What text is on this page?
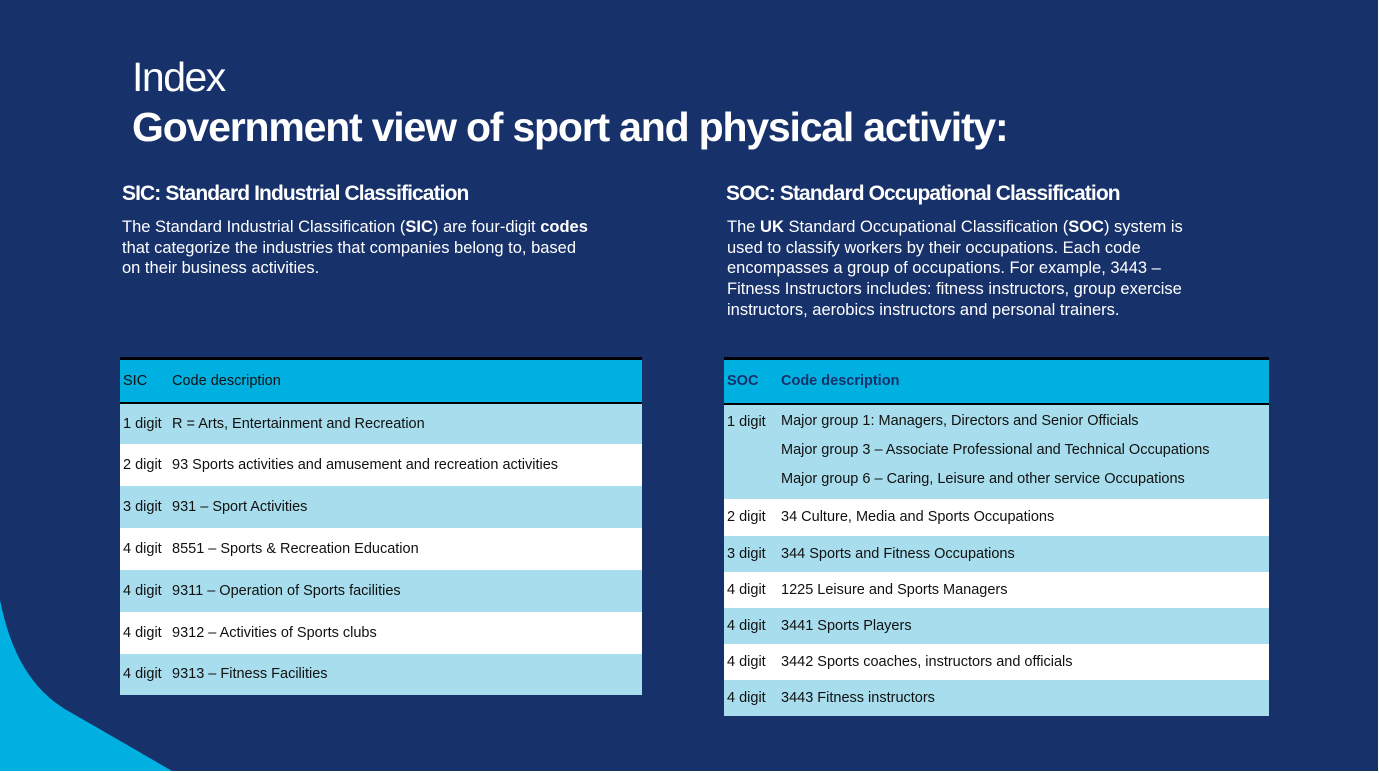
Index
Government view of sport and physical activity:
SIC: Standard Industrial Classification
The Standard Industrial Classification (SIC) are four-digit codes that categorize the industries that companies belong to, based on their business activities.
SOC: Standard Occupational Classification
The UK Standard Occupational Classification (SOC) system is used to classify workers by their occupations. Each code encompasses a group of occupations. For example, 3443 – Fitness Instructors includes: fitness instructors, group exercise instructors, aerobics instructors and personal trainers.
SIC	Code description
1 digit	R = Arts, Entertainment and Recreation
2 digit	93 Sports activities and amusement and recreation activities
3 digit	931 – Sport Activities
4 digit	8551 – Sports & Recreation Education
4 digit	9311 – Operation of Sports facilities
4 digit	9312 – Activities of Sports clubs
4 digit	9313 – Fitness Facilities
SOC	Code description
1 digit	Major group 1: Managers, Directors and Senior Officials
Major group 3 – Associate Professional and Technical Occupations
Major group 6 – Caring, Leisure and other service Occupations

2 digit	34 Culture, Media and Sports Occupations
3 digit	344 Sports and Fitness Occupations
4 digit	1225 Leisure and Sports Managers
4 digit	3441 Sports Players
4 digit	3442 Sports coaches, instructors and officials
4 digit	3443 Fitness instructors
